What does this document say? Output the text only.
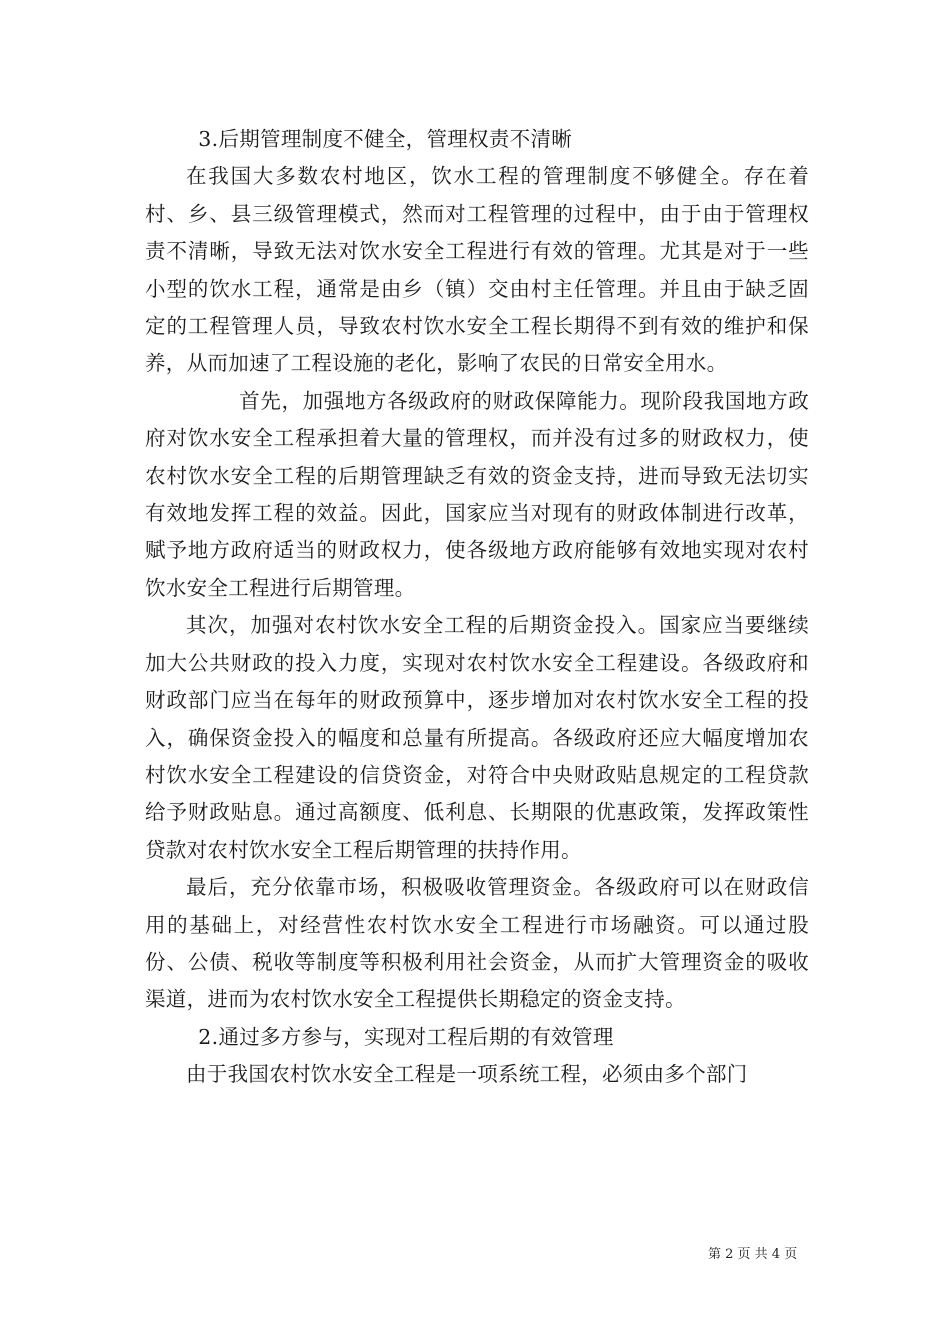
3.后期管理制度不健全，管理权责不清晰

在我国大多数农村地区，饮水工程的管理制度不够健全。存在着村、乡、县三级管理模式，然而对工程管理的过程中，由于由于管理权责不清晰，导致无法对饮水安全工程进行有效的管理。尤其是对于一些小型的饮水工程，通常是由乡（镇）交由村主任管理。并且由于缺乏固定的工程管理人员，导致农村饮水安全工程长期得不到有效的维护和保养，从而加速了工程设施的老化，影响了农民的日常安全用水。

首先，加强地方各级政府的财政保障能力。现阶段我国地方政府对饮水安全工程承担着大量的管理权，而并没有过多的财政权力，使农村饮水安全工程的后期管理缺乏有效的资金支持，进而导致无法切实有效地发挥工程的效益。因此，国家应当对现有的财政体制进行改革，赋予地方政府适当的财政权力，使各级地方政府能够有效地实现对农村饮水安全工程进行后期管理。

其次，加强对农村饮水安全工程的后期资金投入。国家应当要继续加大公共财政的投入力度，实现对农村饮水安全工程建设。各级政府和财政部门应当在每年的财政预算中，逐步增加对农村饮水安全工程的投入，确保资金投入的幅度和总量有所提高。各级政府还应大幅度增加农村饮水安全工程建设的信贷资金，对符合中央财政贴息规定的工程贷款给予财政贴息。通过高额度、低利息、长期限的优惠政策，发挥政策性贷款对农村饮水安全工程后期管理的扶持作用。

最后，充分依靠市场，积极吸收管理资金。各级政府可以在财政信用的基础上，对经营性农村饮水安全工程进行市场融资。可以通过股份、公债、税收等制度等积极利用社会资金，从而扩大管理资金的吸收渠道，进而为农村饮水安全工程提供长期稳定的资金支持。

2.通过多方参与，实现对工程后期的有效管理

由于我国农村饮水安全工程是一项系统工程，必须由多个部门

第 2 页 共 4 页
